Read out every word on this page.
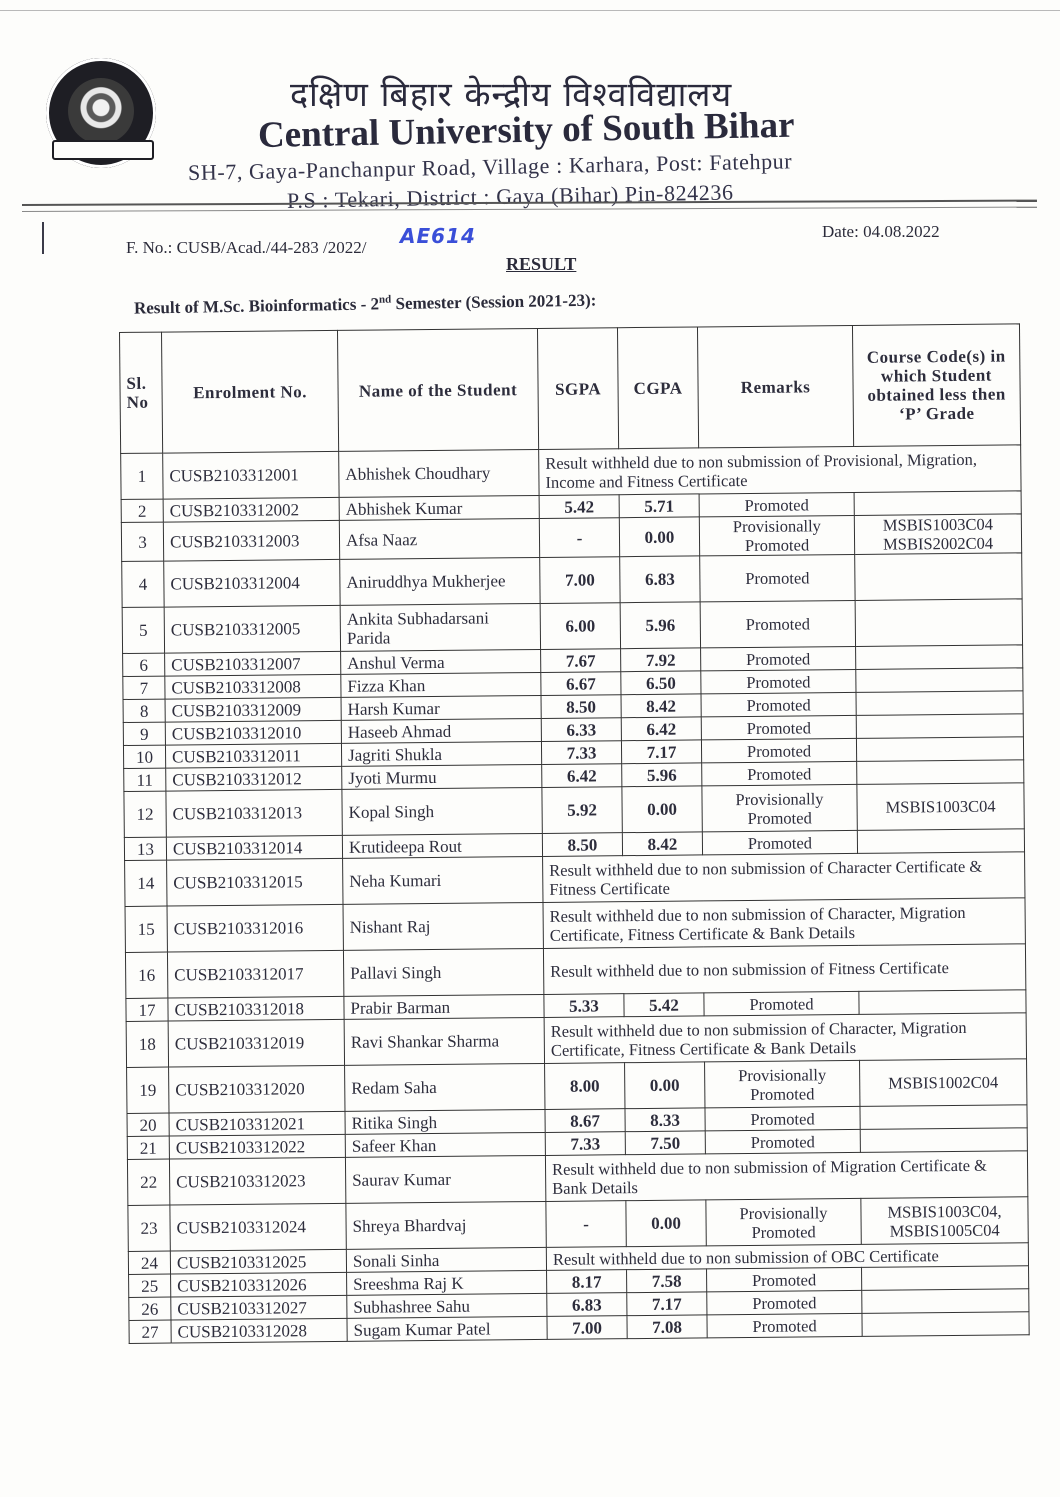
दक्षिण बिहार केन्द्रीय विश्वविद्यालय
Central University of South Bihar
SH-7, Gaya-Panchanpur Road, Village : Karhara, Post: Fatehpur
P.S : Tekari, District : Gaya (Bihar) Pin-824236
F. No.: CUSB/Acad./44-283 /2022/ AE614	Date: 04.08.2022
RESULT
Result of M.Sc. Bioinformatics - 2nd Semester (Session 2021-23):
Sl. No	Enrolment No.	Name of the Student	SGPA	CGPA	Remarks	Course Code(s) in which Student obtained less then ‘P’ Grade
1	CUSB2103312001	Abhishek Choudhary	Result withheld due to non submission of Provisional, Migration, Income and Fitness Certificate			
2	CUSB2103312002	Abhishek Kumar	5.42	5.71	Promoted	
3	CUSB2103312003	Afsa Naaz	-	0.00	Provisionally Promoted	MSBIS1003C04 MSBIS2002C04
4	CUSB2103312004	Aniruddhya Mukherjee	7.00	6.83	Promoted	
5	CUSB2103312005	Ankita Subhadarsani Parida	6.00	5.96	Promoted	
6	CUSB2103312007	Anshul Verma	7.67	7.92	Promoted	
7	CUSB2103312008	Fizza Khan	6.67	6.50	Promoted	
8	CUSB2103312009	Harsh Kumar	8.50	8.42	Promoted	
9	CUSB2103312010	Haseeb Ahmad	6.33	6.42	Promoted	
10	CUSB2103312011	Jagriti Shukla	7.33	7.17	Promoted	
11	CUSB2103312012	Jyoti Murmu	6.42	5.96	Promoted	
12	CUSB2103312013	Kopal Singh	5.92	0.00	Provisionally Promoted	MSBIS1003C04
13	CUSB2103312014	Krutideepa Rout	8.50	8.42	Promoted	
14	CUSB2103312015	Neha Kumari	Result withheld due to non submission of Character Certificate & Fitness Certificate			
15	CUSB2103312016	Nishant Raj	Result withheld due to non submission of Character, Migration Certificate, Fitness Certificate & Bank Details			
16	CUSB2103312017	Pallavi Singh	Result withheld due to non submission of Fitness Certificate			
17	CUSB2103312018	Prabir Barman	5.33	5.42	Promoted	
18	CUSB2103312019	Ravi Shankar Sharma	Result withheld due to non submission of Character, Migration Certificate, Fitness Certificate & Bank Details			
19	CUSB2103312020	Redam Saha	8.00	0.00	Provisionally Promoted	MSBIS1002C04
20	CUSB2103312021	Ritika Singh	8.67	8.33	Promoted	
21	CUSB2103312022	Safeer Khan	7.33	7.50	Promoted	
22	CUSB2103312023	Saurav Kumar	Result withheld due to non submission of Migration Certificate & Bank Details			
23	CUSB2103312024	Shreya Bhardvaj	-	0.00	Provisionally Promoted	MSBIS1003C04, MSBIS1005C04
24	CUSB2103312025	Sonali Sinha	Result withheld due to non submission of OBC Certificate			
25	CUSB2103312026	Sreeshma Raj K	8.17	7.58	Promoted	
26	CUSB2103312027	Subhashree Sahu	6.83	7.17	Promoted	
27	CUSB2103312028	Sugam Kumar Patel	7.00	7.08	Promoted	
